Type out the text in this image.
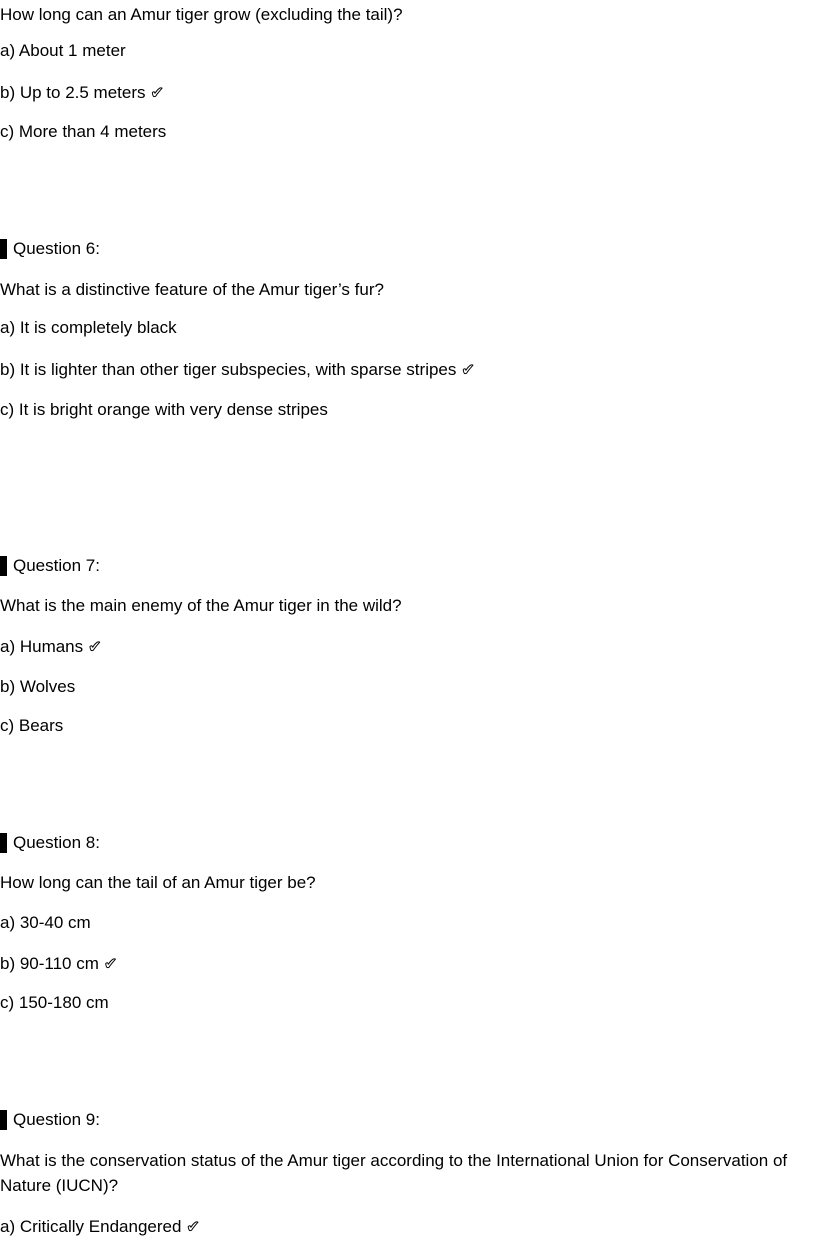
How long can an Amur tiger grow (excluding the tail)?

a) About 1 meter

b) Up to 2.5 meters ✔

c) More than 4 meters

Question 6:

What is a distinctive feature of the Amur tiger’s fur?

a) It is completely black

b) It is lighter than other tiger subspecies, with sparse stripes ✔

c) It is bright orange with very dense stripes

Question 7:

What is the main enemy of the Amur tiger in the wild?

a) Humans ✔

b) Wolves

c) Bears

Question 8:

How long can the tail of an Amur tiger be?

a) 30-40 cm

b) 90-110 cm ✔

c) 150-180 cm

Question 9:

What is the conservation status of the Amur tiger according to the International Union for Conservation of Nature (IUCN)?

a) Critically Endangered ✔
